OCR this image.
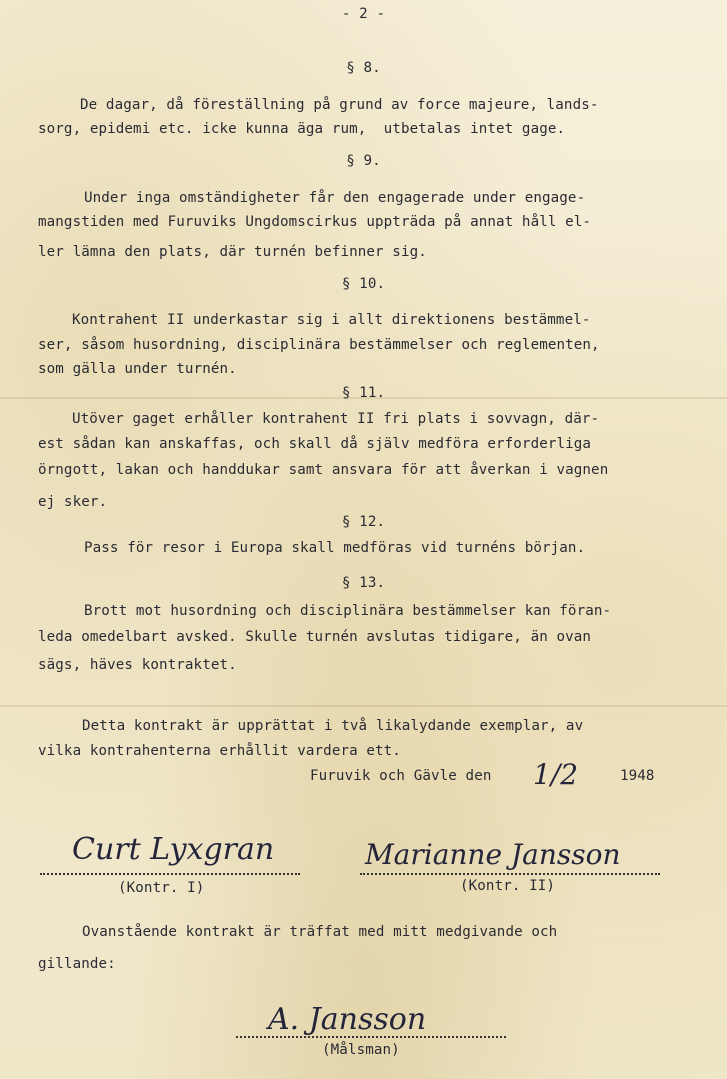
- 2 -
§ 8.
De dagar, då föreställning på grund av force majeure, lands-
sorg, epidemi etc. icke kunna äga rum,  utbetalas intet gage.
§ 9.
Under inga omständigheter får den engagerade under engage-
mangstiden med Furuviks Ungdomscirkus uppträda på annat håll el-
ler lämna den plats, där turnén befinner sig.
§ 10.
Kontrahent II underkastar sig i allt direktionens bestämmel-
ser, såsom husordning, disciplinära bestämmelser och reglementen,
som gälla under turnén.
§ 11.
Utöver gaget erhåller kontrahent II fri plats i sovvagn, där-
est sådan kan anskaffas, och skall då själv medföra erforderliga
örngott, lakan och handdukar samt ansvara för att åverkan i vagnen
ej sker.
§ 12.
Pass för resor i Europa skall medföras vid turnéns början.
§ 13.
Brott mot husordning och disciplinära bestämmelser kan föran-
leda omedelbart avsked. Skulle turnén avslutas tidigare, än ovan
sägs, häves kontraktet.
Detta kontrakt är upprättat i två likalydande exemplar, av
vilka kontrahenterna erhållit vardera ett.
Furuvik och Gävle den 1/2	1948
Curt Lyxgran
(Kontr. I)
Marianne Jansson
(Kontr. II)
Ovanstående kontrakt är träffat med mitt medgivande och
gillande:
A. Jansson
(Målsman)
